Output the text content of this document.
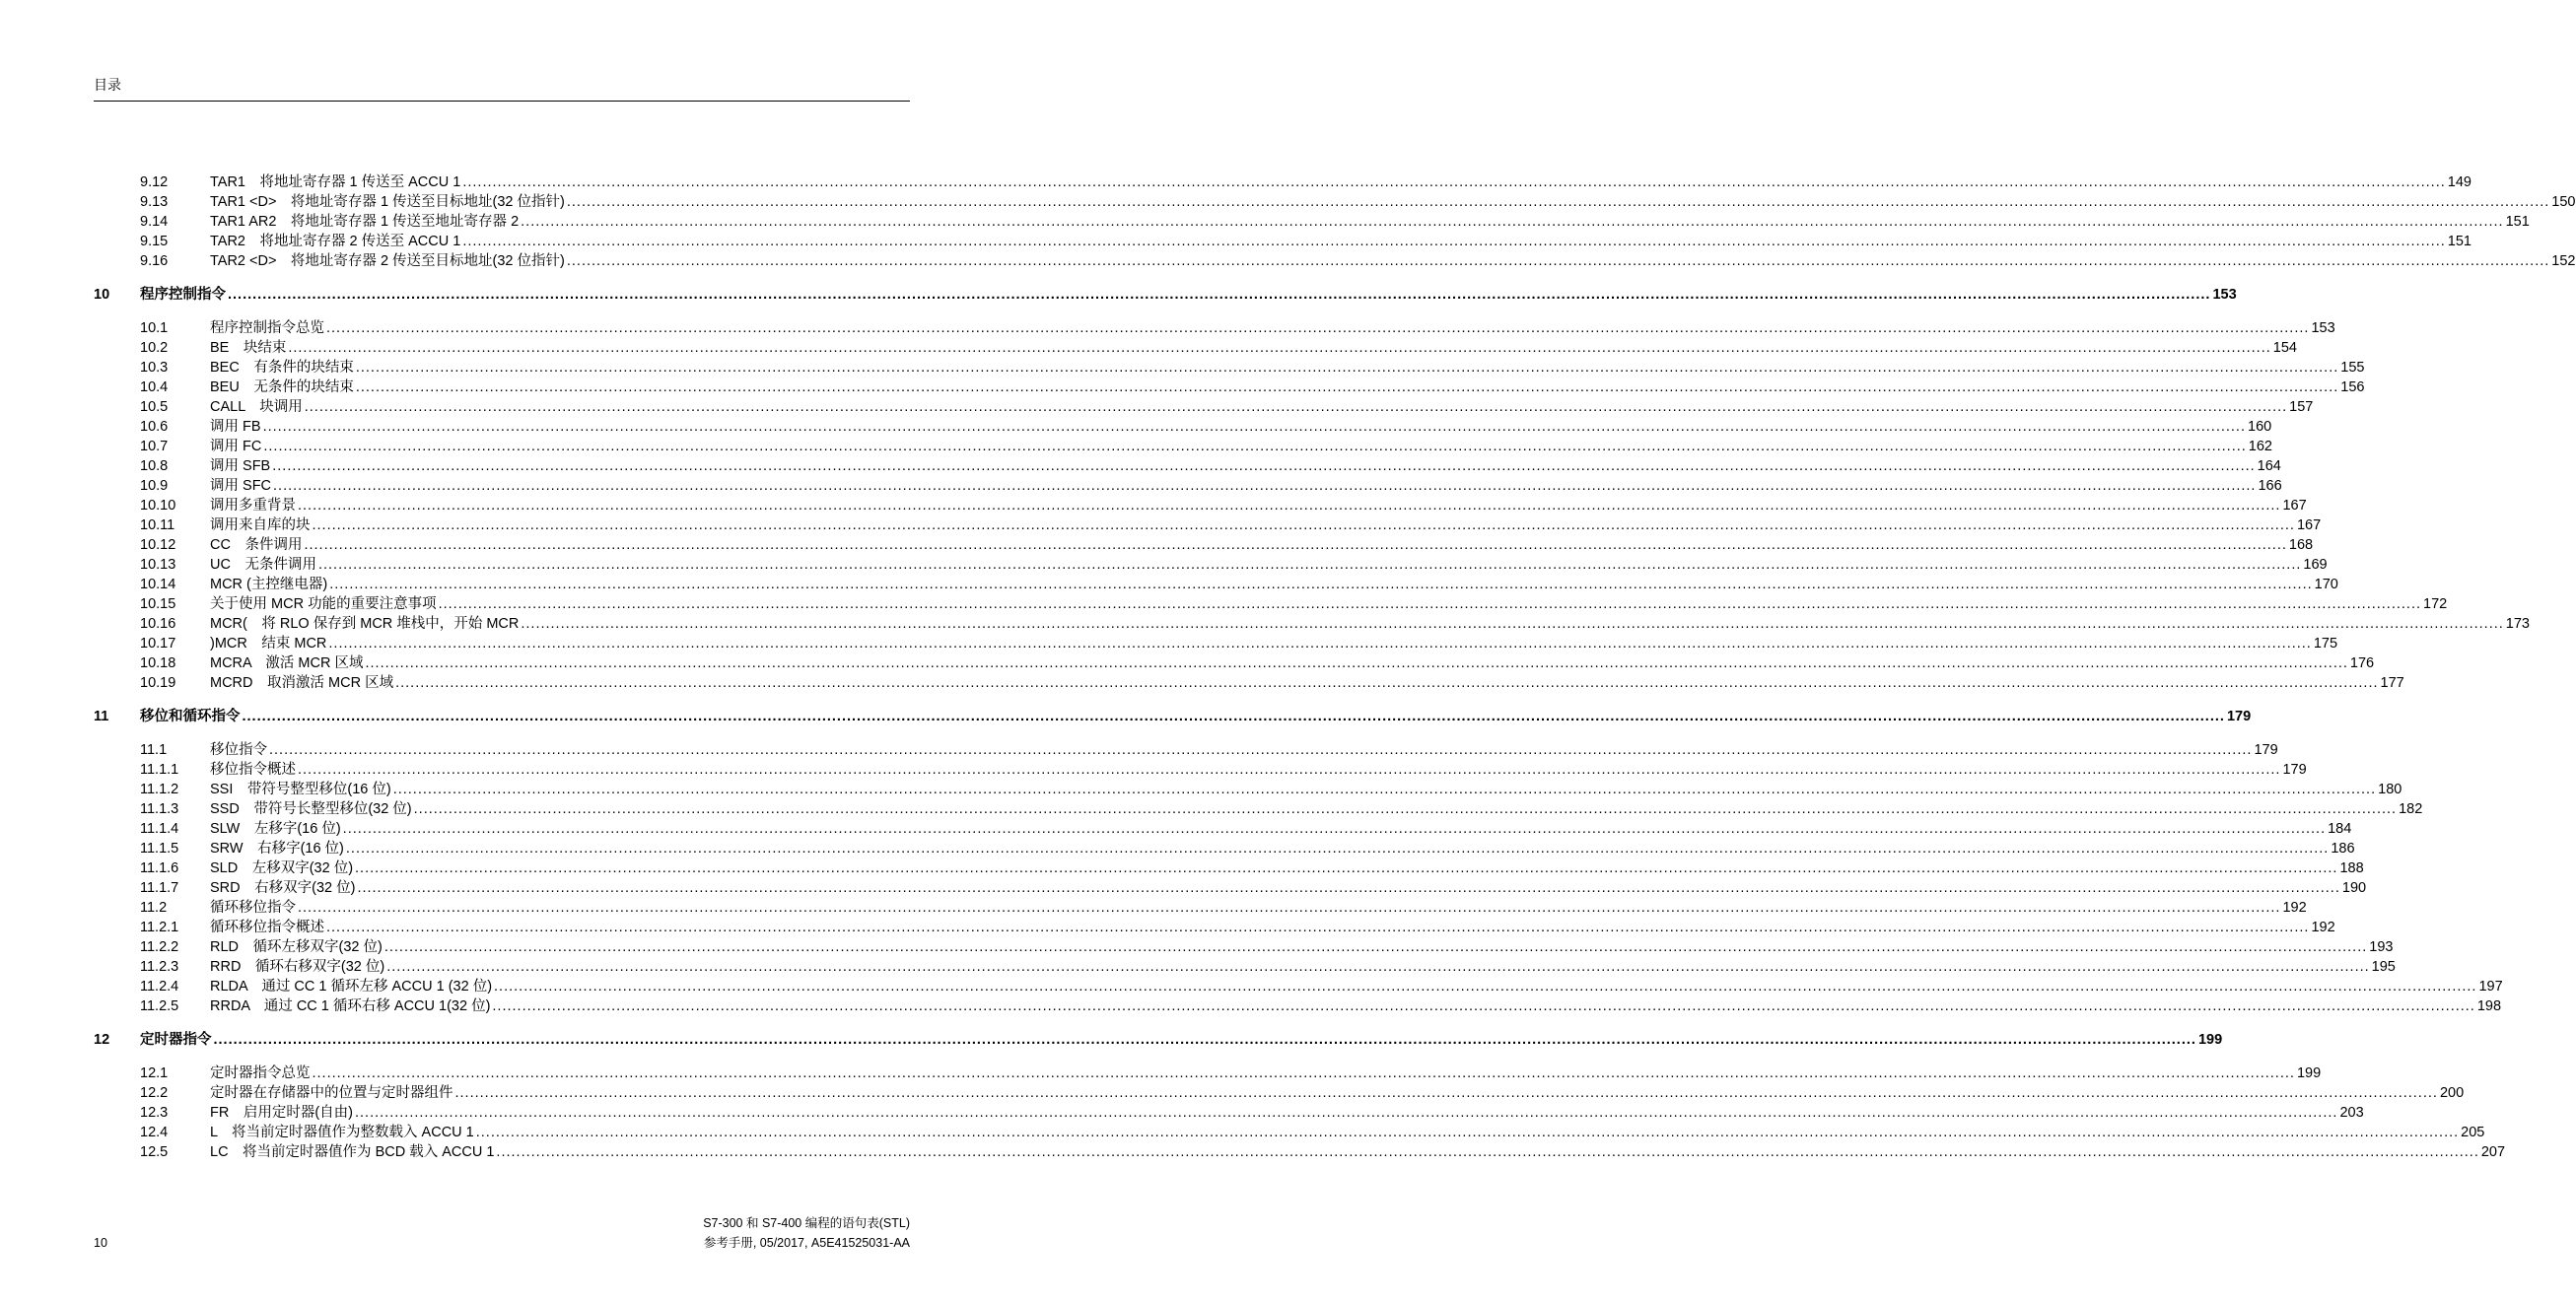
目录
9.12	TAR1　将地址寄存器 1 传送至 ACCU 1 ................................................................................................................................................................................................................................................................................................................................................................................................................ 149
9.13	TAR1 <D>　将地址寄存器 1 传送至目标地址(32 位指针) ................................................................................................................................................................................................................................................................................................................................................................................................................ 150
9.14	TAR1 AR2　将地址寄存器 1 传送至地址寄存器 2 ................................................................................................................................................................................................................................................................................................................................................................................................................ 151
9.15	TAR2　将地址寄存器 2 传送至 ACCU 1 ................................................................................................................................................................................................................................................................................................................................................................................................................ 151
9.16	TAR2 <D>　将地址寄存器 2 传送至目标地址(32 位指针) ................................................................................................................................................................................................................................................................................................................................................................................................................ 152
10	程序控制指令 ................................................................................................................................................................................................................................................................................................................................................................................................................ 153
10.1	程序控制指令总览 ................................................................................................................................................................................................................................................................................................................................................................................................................ 153
10.2	BE　块结束 ................................................................................................................................................................................................................................................................................................................................................................................................................ 154
10.3	BEC　有条件的块结束 ................................................................................................................................................................................................................................................................................................................................................................................................................ 155
10.4	BEU　无条件的块结束 ................................................................................................................................................................................................................................................................................................................................................................................................................ 156
10.5	CALL　块调用 ................................................................................................................................................................................................................................................................................................................................................................................................................ 157
10.6	调用 FB ................................................................................................................................................................................................................................................................................................................................................................................................................ 160
10.7	调用 FC ................................................................................................................................................................................................................................................................................................................................................................................................................ 162
10.8	调用 SFB ................................................................................................................................................................................................................................................................................................................................................................................................................ 164
10.9	调用 SFC ................................................................................................................................................................................................................................................................................................................................................................................................................ 166
10.10	调用多重背景 ................................................................................................................................................................................................................................................................................................................................................................................................................ 167
10.11	调用来自库的块 ................................................................................................................................................................................................................................................................................................................................................................................................................ 167
10.12	CC　条件调用 ................................................................................................................................................................................................................................................................................................................................................................................................................ 168
10.13	UC　无条件调用 ................................................................................................................................................................................................................................................................................................................................................................................................................ 169
10.14	MCR (主控继电器) ................................................................................................................................................................................................................................................................................................................................................................................................................ 170
10.15	关于使用 MCR 功能的重要注意事项 ................................................................................................................................................................................................................................................................................................................................................................................................................ 172
10.16	MCR(　将 RLO 保存到 MCR 堆栈中，开始 MCR ................................................................................................................................................................................................................................................................................................................................................................................................................ 173
10.17	)MCR　结束 MCR ................................................................................................................................................................................................................................................................................................................................................................................................................ 175
10.18	MCRA　激活 MCR 区域 ................................................................................................................................................................................................................................................................................................................................................................................................................ 176
10.19	MCRD　取消激活 MCR 区域 ................................................................................................................................................................................................................................................................................................................................................................................................................ 177
11	移位和循环指令 ................................................................................................................................................................................................................................................................................................................................................................................................................ 179
11.1	移位指令 ................................................................................................................................................................................................................................................................................................................................................................................................................ 179
11.1.1	移位指令概述 ................................................................................................................................................................................................................................................................................................................................................................................................................ 179
11.1.2	SSI　带符号整型移位(16 位) ................................................................................................................................................................................................................................................................................................................................................................................................................ 180
11.1.3	SSD　带符号长整型移位(32 位) ................................................................................................................................................................................................................................................................................................................................................................................................................ 182
11.1.4	SLW　左移字(16 位) ................................................................................................................................................................................................................................................................................................................................................................................................................ 184
11.1.5	SRW　右移字(16 位) ................................................................................................................................................................................................................................................................................................................................................................................................................ 186
11.1.6	SLD　左移双字(32 位) ................................................................................................................................................................................................................................................................................................................................................................................................................ 188
11.1.7	SRD　右移双字(32 位) ................................................................................................................................................................................................................................................................................................................................................................................................................ 190
11.2	循环移位指令 ................................................................................................................................................................................................................................................................................................................................................................................................................ 192
11.2.1	循环移位指令概述 ................................................................................................................................................................................................................................................................................................................................................................................................................ 192
11.2.2	RLD　循环左移双字(32 位) ................................................................................................................................................................................................................................................................................................................................................................................................................ 193
11.2.3	RRD　循环右移双字(32 位) ................................................................................................................................................................................................................................................................................................................................................................................................................ 195
11.2.4	RLDA　通过 CC 1 循环左移 ACCU 1 (32 位) ................................................................................................................................................................................................................................................................................................................................................................................................................ 197
11.2.5	RRDA　通过 CC 1 循环右移 ACCU 1(32 位) ................................................................................................................................................................................................................................................................................................................................................................................................................ 198
12	定时器指令 ................................................................................................................................................................................................................................................................................................................................................................................................................ 199
12.1	定时器指令总览 ................................................................................................................................................................................................................................................................................................................................................................................................................ 199
12.2	定时器在存储器中的位置与定时器组件 ................................................................................................................................................................................................................................................................................................................................................................................................................ 200
12.3	FR　启用定时器(自由) ................................................................................................................................................................................................................................................................................................................................................................................................................ 203
12.4	L　将当前定时器值作为整数载入 ACCU 1 ................................................................................................................................................................................................................................................................................................................................................................................................................ 205
12.5	LC　将当前定时器值作为 BCD 载入 ACCU 1 ................................................................................................................................................................................................................................................................................................................................................................................................................ 207
S7-300 和 S7-400 编程的语句表(STL)
参考手册, 05/2017, A5E41525031-AA
10
